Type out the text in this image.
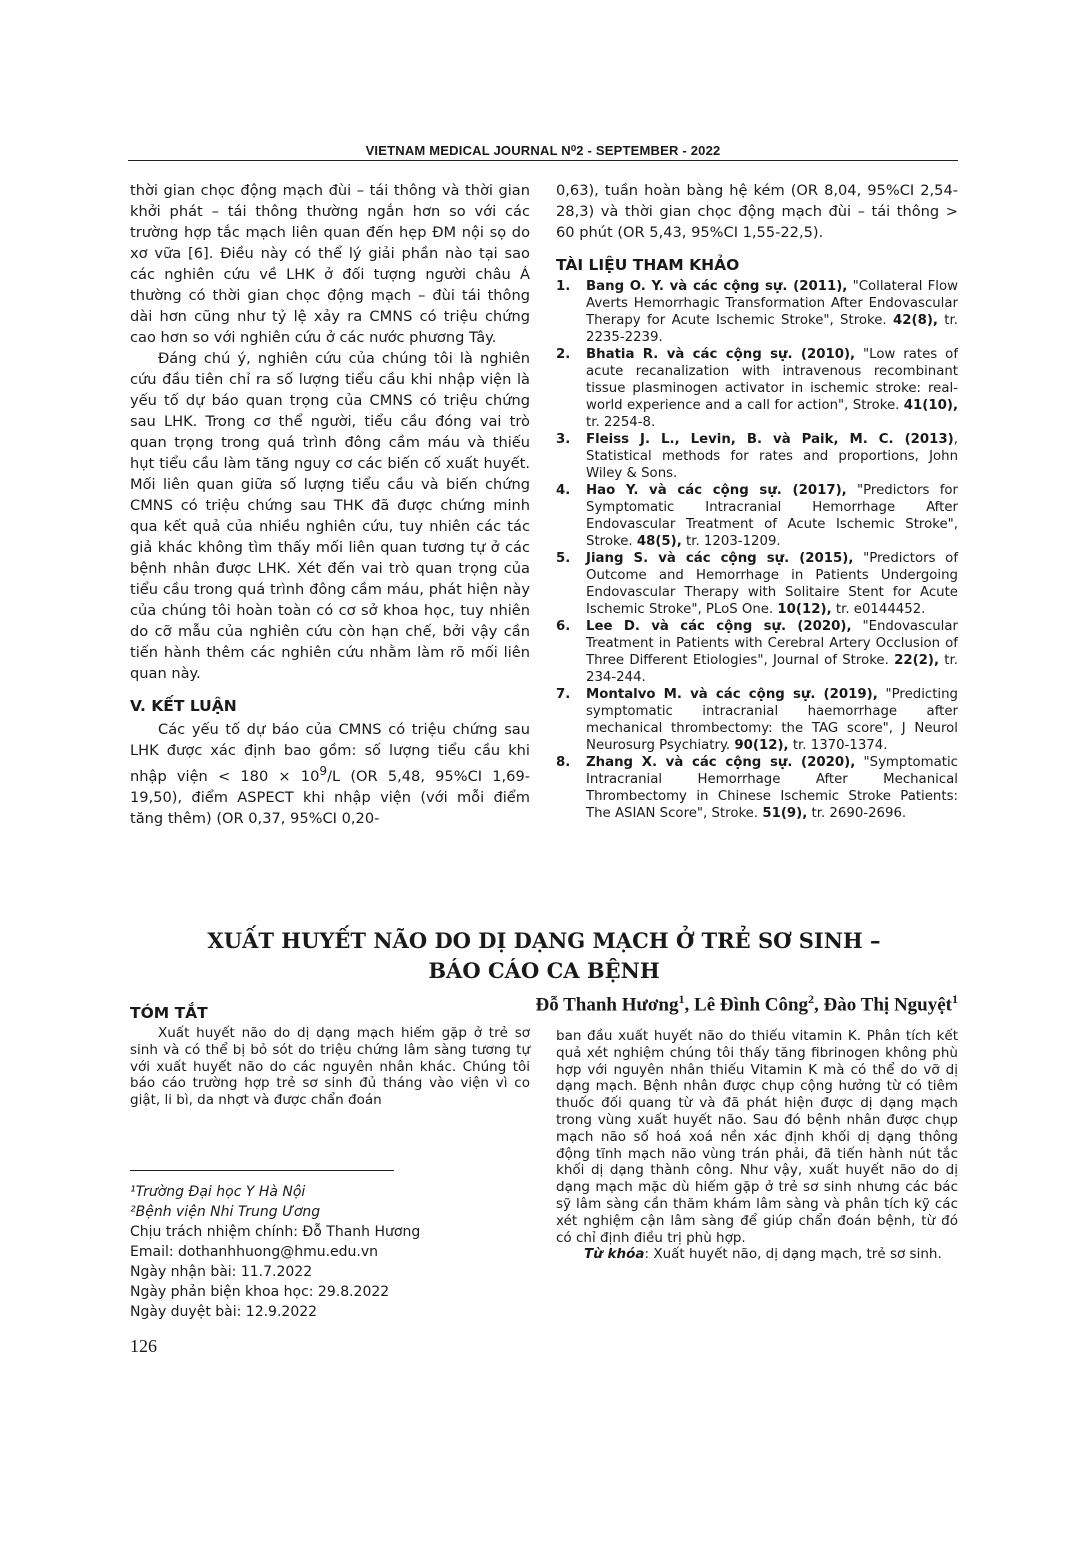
VIETNAM MEDICAL JOURNAL N⁰2 - SEPTEMBER - 2022

thời gian chọc động mạch đùi – tái thông và thời gian khởi phát – tái thông thường ngắn hơn so với các trường hợp tắc mạch liên quan đến hẹp ĐM nội sọ do xơ vữa [6]. Điều này có thể lý giải phần nào tại sao các nghiên cứu về LHK ở đối tượng người châu Á thường có thời gian chọc động mạch – đùi tái thông dài hơn cũng như tỷ lệ xảy ra CMNS có triệu chứng cao hơn so với nghiên cứu ở các nước phương Tây.

Đáng chú ý, nghiên cứu của chúng tôi là nghiên cứu đầu tiên chỉ ra số lượng tiểu cầu khi nhập viện là yếu tố dự báo quan trọng của CMNS có triệu chứng sau LHK. Trong cơ thể người, tiểu cầu đóng vai trò quan trọng trong quá trình đông cầm máu và thiếu hụt tiểu cầu làm tăng nguy cơ các biến cố xuất huyết. Mối liên quan giữa số lượng tiểu cầu và biến chứng CMNS có triệu chứng sau THK đã được chứng minh qua kết quả của nhiều nghiên cứu, tuy nhiên các tác giả khác không tìm thấy mối liên quan tương tự ở các bệnh nhân được LHK. Xét đến vai trò quan trọng của tiểu cầu trong quá trình đông cầm máu, phát hiện này của chúng tôi hoàn toàn có cơ sở khoa học, tuy nhiên do cỡ mẫu của nghiên cứu còn hạn chế, bởi vậy cần tiến hành thêm các nghiên cứu nhằm làm rõ mối liên quan này.

V. KẾT LUẬN

Các yếu tố dự báo của CMNS có triệu chứng sau LHK được xác định bao gồm: số lượng tiểu cầu khi nhập viện < $180 \times 10^9/L$ (OR 5,48, 95%CI 1,69-19,50), điểm ASPECT khi nhập viện (với mỗi điểm tăng thêm) (OR 0,37, 95%CI 0,20-

0,63), tuần hoàn bàng hệ kém (OR 8,04, 95%CI 2,54-28,3) và thời gian chọc động mạch đùi – tái thông > 60 phút (OR 5,43, 95%CI 1,55-22,5).

TÀI LIỆU THAM KHẢO
1. Bang O. Y. và các cộng sự. (2011), "Collateral Flow Averts Hemorrhagic Transformation After Endovascular Therapy for Acute Ischemic Stroke", Stroke. 42(8), tr. 2235-2239.
2. Bhatia R. và các cộng sự. (2010), "Low rates of acute recanalization with intravenous recombinant tissue plasminogen activator in ischemic stroke: real-world experience and a call for action", Stroke. 41(10), tr. 2254-8.
3. Fleiss J. L., Levin, B. và Paik, M. C. (2013), Statistical methods for rates and proportions, John Wiley & Sons.
4. Hao Y. và các cộng sự. (2017), "Predictors for Symptomatic Intracranial Hemorrhage After Endovascular Treatment of Acute Ischemic Stroke", Stroke. 48(5), tr. 1203-1209.
5. Jiang S. và các cộng sự. (2015), "Predictors of Outcome and Hemorrhage in Patients Undergoing Endovascular Therapy with Solitaire Stent for Acute Ischemic Stroke", PLoS One. 10(12), tr. e0144452.
6. Lee D. và các cộng sự. (2020), "Endovascular Treatment in Patients with Cerebral Artery Occlusion of Three Different Etiologies", Journal of Stroke. 22(2), tr. 234-244.
7. Montalvo M. và các cộng sự. (2019), "Predicting symptomatic intracranial haemorrhage after mechanical thrombectomy: the TAG score", J Neurol Neurosurg Psychiatry. 90(12), tr. 1370-1374.
8. Zhang X. và các cộng sự. (2020), "Symptomatic Intracranial Hemorrhage After Mechanical Thrombectomy in Chinese Ischemic Stroke Patients: The ASIAN Score", Stroke. 51(9), tr. 2690-2696.
XUẤT HUYẾT NÃO DO DỊ DẠNG MẠCH Ở TRẺ SƠ SINH –
BÁO CÁO CA BỆNH
Đỗ Thanh Hương$^1$, Lê Đình Công$^2$, Đào Thị Nguyệt$^1$
TÓM TẮT

Xuất huyết não do dị dạng mạch hiếm gặp ở trẻ sơ sinh và có thể bị bỏ sót do triệu chứng lâm sàng tương tự với xuất huyết não do các nguyên nhân khác. Chúng tôi báo cáo trường hợp trẻ sơ sinh đủ tháng vào viện vì co giật, li bì, da nhợt và được chẩn đoán

¹Trường Đại học Y Hà Nội
²Bệnh viện Nhi Trung Ương
Chịu trách nhiệm chính: Đỗ Thanh Hương
Email: dothanhhuong@hmu.edu.vn
Ngày nhận bài: 11.7.2022
Ngày phản biện khoa học: 29.8.2022
Ngày duyệt bài: 12.9.2022

ban đầu xuất huyết não do thiếu vitamin K. Phân tích kết quả xét nghiệm chúng tôi thấy tăng fibrinogen không phù hợp với nguyên nhân thiếu Vitamin K mà có thể do vỡ dị dạng mạch. Bệnh nhân được chụp cộng hưởng từ có tiêm thuốc đối quang từ và đã phát hiện được dị dạng mạch trong vùng xuất huyết não. Sau đó bệnh nhân được chụp mạch não số hoá xoá nền xác định khối dị dạng thông động tĩnh mạch não vùng trán phải, đã tiến hành nút tắc khối dị dạng thành công. Như vậy, xuất huyết não do dị dạng mạch mặc dù hiếm gặp ở trẻ sơ sinh nhưng các bác sỹ lâm sàng cần thăm khám lâm sàng và phân tích kỹ các xét nghiệm cận lâm sàng để giúp chẩn đoán bệnh, từ đó có chỉ định điều trị phù hợp.

Từ khóa: Xuất huyết não, dị dạng mạch, trẻ sơ sinh.

126
